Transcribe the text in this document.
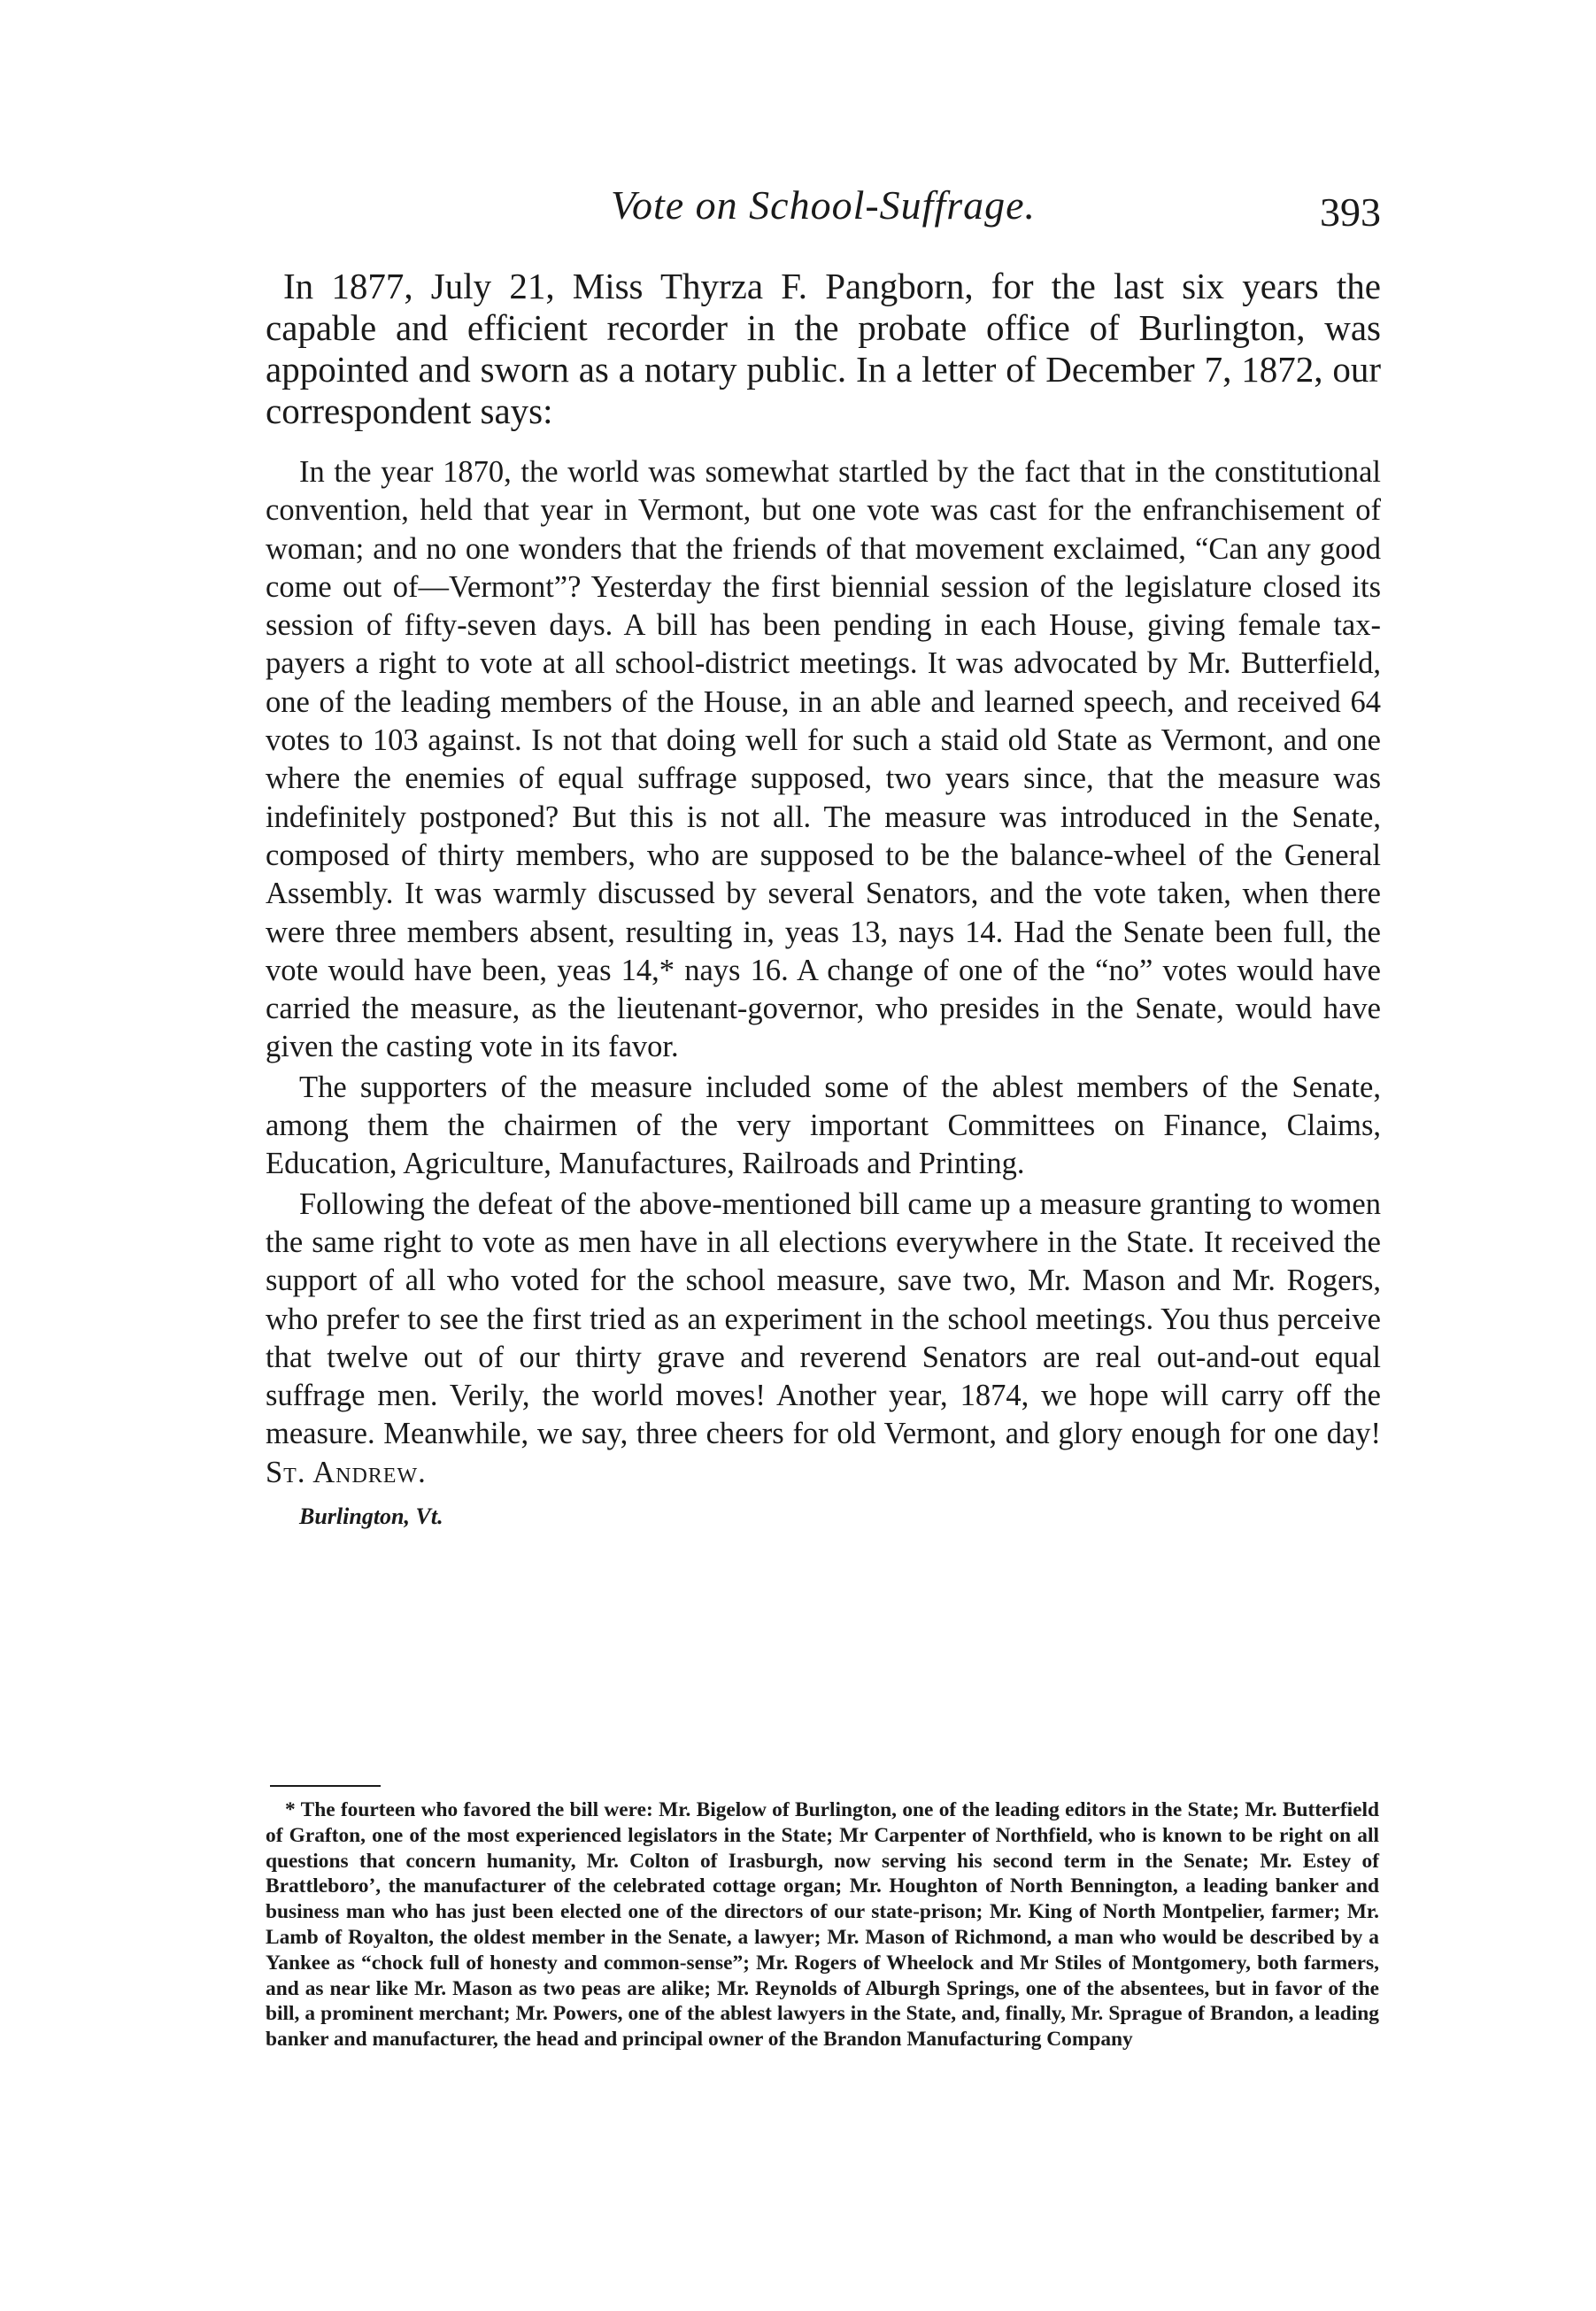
Vote on School-Suffrage.	393

In 1877, July 21, Miss Thyrza F. Pangborn, for the last six years the capable and efficient recorder in the probate office of Burlington, was appointed and sworn as a notary public. In a letter of December 7, 1872, our correspondent says:

In the year 1870, the world was somewhat startled by the fact that in the constitutional convention, held that year in Vermont, but one vote was cast for the enfranchisement of woman; and no one wonders that the friends of that movement exclaimed, “Can any good come out of—Vermont”? Yesterday the first biennial session of the legislature closed its session of fifty-seven days. A bill has been pending in each House, giving female tax-payers a right to vote at all school-district meetings. It was advocated by Mr. Butterfield, one of the leading members of the House, in an able and learned speech, and received 64 votes to 103 against. Is not that doing well for such a staid old State as Vermont, and one where the enemies of equal suffrage supposed, two years since, that the measure was indefinitely postponed? But this is not all. The measure was introduced in the Senate, composed of thirty members, who are supposed to be the balance-wheel of the General Assembly. It was warmly discussed by several Senators, and the vote taken, when there were three members absent, resulting in, yeas 13, nays 14. Had the Senate been full, the vote would have been, yeas 14,* nays 16. A change of one of the “no” votes would have carried the measure, as the lieutenant-governor, who presides in the Senate, would have given the casting vote in its favor.

The supporters of the measure included some of the ablest members of the Senate, among them the chairmen of the very important Committees on Finance, Claims, Education, Agriculture, Manufactures, Railroads and Printing.

Following the defeat of the above-mentioned bill came up a measure granting to women the same right to vote as men have in all elections everywhere in the State. It received the support of all who voted for the school measure, save two, Mr. Mason and Mr. Rogers, who prefer to see the first tried as an experiment in the school meetings. You thus perceive that twelve out of our thirty grave and reverend Senators are real out-and-out equal suffrage men. Verily, the world moves! Another year, 1874, we hope will carry off the measure. Meanwhile, we say, three cheers for old Vermont, and glory enough for one day! St. Andrew.

Burlington, Vt.

* The fourteen who favored the bill were: Mr. Bigelow of Burlington, one of the leading editors in the State; Mr. Butterfield of Grafton, one of the most experienced legislators in the State; Mr Carpenter of Northfield, who is known to be right on all questions that concern humanity, Mr. Colton of Irasburgh, now serving his second term in the Senate; Mr. Estey of Brattleboro’, the manufacturer of the celebrated cottage organ; Mr. Houghton of North Bennington, a leading banker and business man who has just been elected one of the directors of our state-prison; Mr. King of North Montpelier, farmer; Mr. Lamb of Royalton, the oldest member in the Senate, a lawyer; Mr. Mason of Richmond, a man who would be described by a Yankee as “chock full of honesty and common-sense”; Mr. Rogers of Wheelock and Mr Stiles of Montgomery, both farmers, and as near like Mr. Mason as two peas are alike; Mr. Reynolds of Alburgh Springs, one of the absentees, but in favor of the bill, a prominent merchant; Mr. Powers, one of the ablest lawyers in the State, and, finally, Mr. Sprague of Brandon, a leading banker and manufacturer, the head and principal owner of the Brandon Manufacturing Company
